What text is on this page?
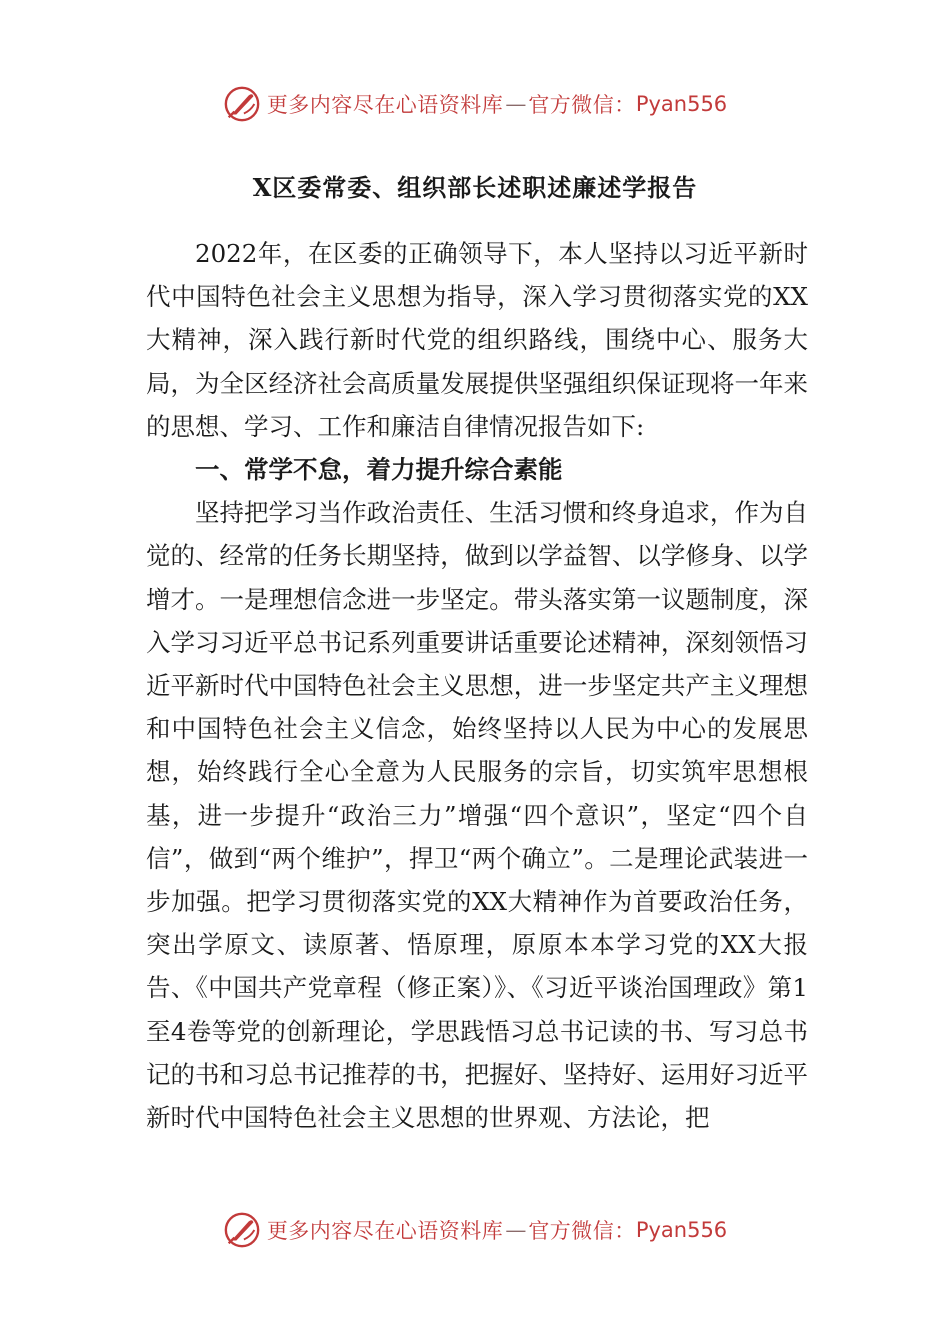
更多内容尽在心语资料库 — 官方微信： Pyan556
X区委常委、组织部长述职述廉述学报告

2022年，在区委的正确领导下，本人坚持以习近平新时代中国特色社会主义思想为指导，深入学习贯彻落实党的XX大精神，深入践行新时代党的组织路线，围绕中心、服务大局，为全区经济社会高质量发展提供坚强组织保证现将一年来的思想、学习、工作和廉洁自律情况报告如下:

一、常学不怠，着力提升综合素能

坚持把学习当作政治责任、生活习惯和终身追求，作为自觉的、经常的任务长期坚持，做到以学益智、以学修身、以学增才。一是理想信念进一步坚定。带头落实第一议题制度，深入学习习近平总书记系列重要讲话重要论述精神，深刻领悟习近平新时代中国特色社会主义思想，进一步坚定共产主义理想和中国特色社会主义信念，始终坚持以人民为中心的发展思想，始终践行全心全意为人民服务的宗旨，切实筑牢思想根基，进一步提升“政治三力”增强“四个意识”，坚定“四个自信”，做到“两个维护”，捍卫“两个确立”。二是理论武装进一步加强。把学习贯彻落实党的XX大精神作为首要政治任务，突出学原文、读原著、悟原理，原原本本学习党的XX大报告、《中国共产党章程（修正案）》、《习近平谈治国理政》第1至4卷等党的创新理论，学思践悟习总书记读的书、写习总书记的书和习总书记推荐的书，把握好、坚持好、运用好习近平新时代中国特色社会主义思想的世界观、方法论，把

更多内容尽在心语资料库 — 官方微信： Pyan556
